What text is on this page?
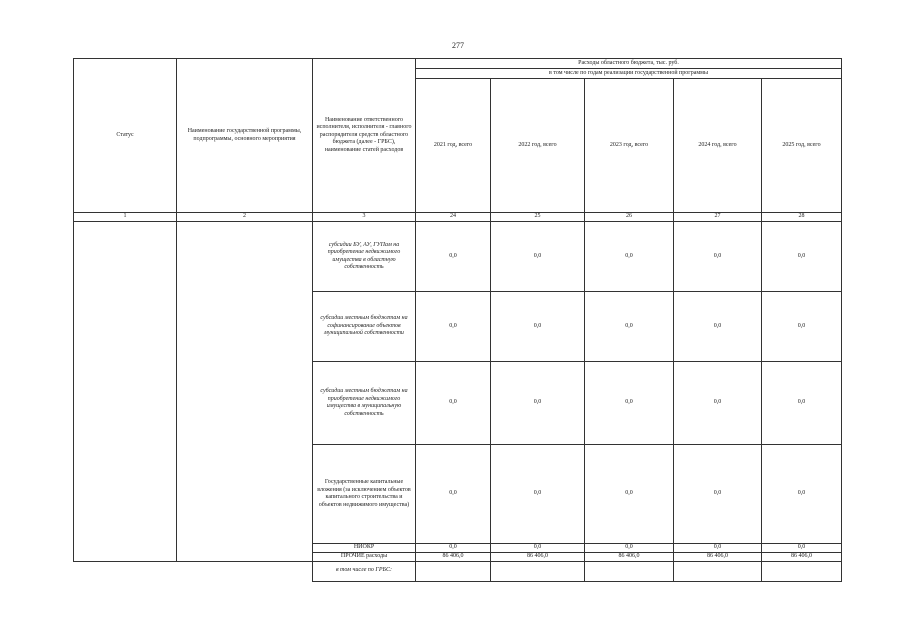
277
Статус	Наименование государственной программы, подпрограммы, основного мероприятия	Наименование ответственного исполнителя, исполнителя - главного распорядителя средств областного бюджета (далее - ГРБС), наименование статей расходов	Расходы областного бюджета, тыс. руб.				
			в том числе по годам реализации государственной программы				
			2021 год, всего	2022 год, всего	2023 год, всего	2024 год, всего	2025 год, всего
1	2	3	24	25	26	27	28
		субсидии БУ, АУ, ГУПам на приобретение недвижимого имущества в областную собственность	0,0	0,0	0,0	0,0	0,0
		субсидии местным бюджетам на софинансирование объектов муниципальной собственности	0,0	0,0	0,0	0,0	0,0
		субсидии местным бюджетам на приобретение недвижимого имущества в муниципальную собственность	0,0	0,0	0,0	0,0	0,0
		Государственные капитальные вложения (за исключением объектов капитального строительства и объектов недвижимого имущества)	0,0	0,0	0,0	0,0	0,0
		НИОКР	0,0	0,0	0,0	0,0	0,0
		ПРОЧИЕ расходы	86 406,0	86 406,0	86 406,0	86 406,0	86 406,0
		в том числе по ГРБС:					
